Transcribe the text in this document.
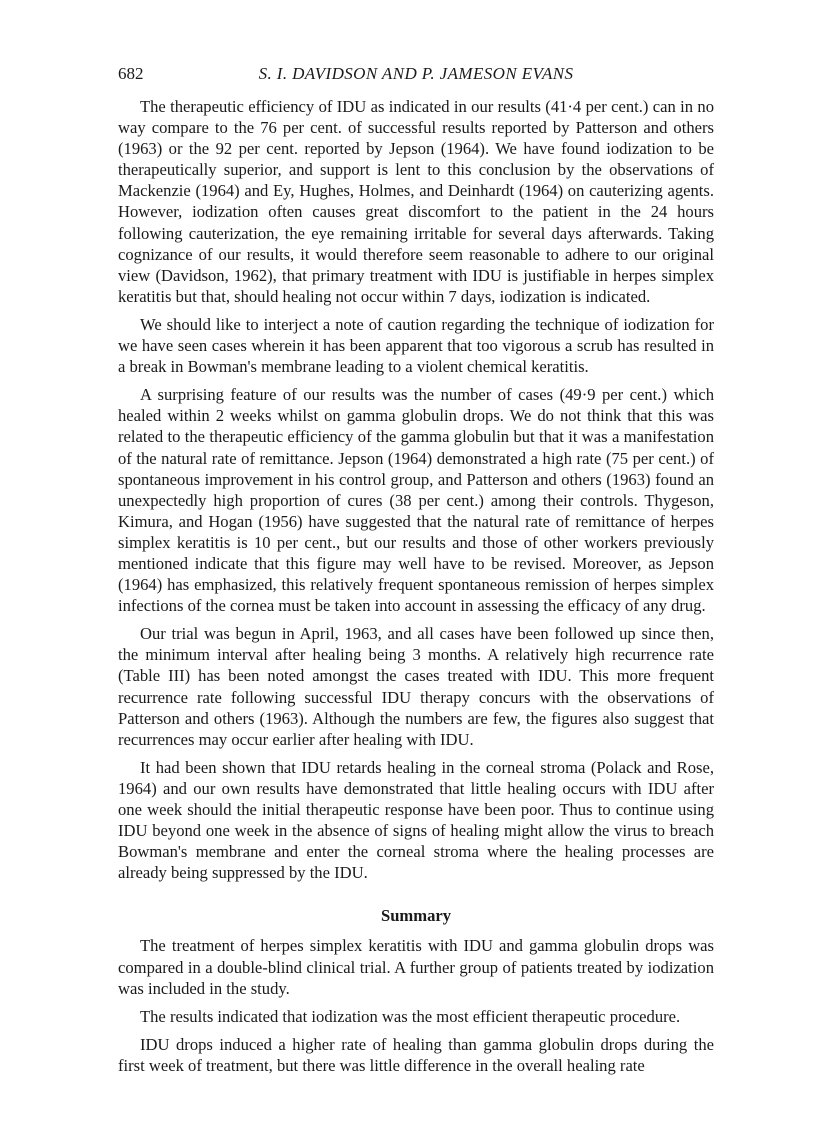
682	S. I. DAVIDSON AND P. JAMESON EVANS

The therapeutic efficiency of IDU as indicated in our results (41·4 per cent.) can in no way compare to the 76 per cent. of successful results reported by Patterson and others (1963) or the 92 per cent. reported by Jepson (1964). We have found iodization to be therapeutically superior, and support is lent to this conclusion by the observations of Mackenzie (1964) and Ey, Hughes, Holmes, and Deinhardt (1964) on cauterizing agents. However, iodization often causes great discomfort to the patient in the 24 hours following cauterization, the eye remaining irritable for several days afterwards. Taking cognizance of our results, it would therefore seem reasonable to adhere to our original view (Davidson, 1962), that primary treatment with IDU is justifiable in herpes simplex keratitis but that, should healing not occur within 7 days, iodization is indicated.

We should like to interject a note of caution regarding the technique of iodization for we have seen cases wherein it has been apparent that too vigorous a scrub has resulted in a break in Bowman's membrane leading to a violent chemical keratitis.

A surprising feature of our results was the number of cases (49·9 per cent.) which healed within 2 weeks whilst on gamma globulin drops. We do not think that this was related to the therapeutic efficiency of the gamma globulin but that it was a manifestation of the natural rate of remittance. Jepson (1964) demonstrated a high rate (75 per cent.) of spontaneous improvement in his control group, and Patterson and others (1963) found an unexpectedly high proportion of cures (38 per cent.) among their controls. Thygeson, Kimura, and Hogan (1956) have suggested that the natural rate of remittance of herpes simplex keratitis is 10 per cent., but our results and those of other workers previously mentioned indicate that this figure may well have to be revised. Moreover, as Jepson (1964) has emphasized, this relatively frequent spontaneous remission of herpes simplex infections of the cornea must be taken into account in assessing the efficacy of any drug.

Our trial was begun in April, 1963, and all cases have been followed up since then, the minimum interval after healing being 3 months. A relatively high recurrence rate (Table III) has been noted amongst the cases treated with IDU. This more frequent recurrence rate following successful IDU therapy concurs with the observations of Patterson and others (1963). Although the numbers are few, the figures also suggest that recurrences may occur earlier after healing with IDU.

It had been shown that IDU retards healing in the corneal stroma (Polack and Rose, 1964) and our own results have demonstrated that little healing occurs with IDU after one week should the initial therapeutic response have been poor. Thus to continue using IDU beyond one week in the absence of signs of healing might allow the virus to breach Bowman's membrane and enter the corneal stroma where the healing processes are already being suppressed by the IDU.

Summary

The treatment of herpes simplex keratitis with IDU and gamma globulin drops was compared in a double-blind clinical trial. A further group of patients treated by iodization was included in the study.

The results indicated that iodization was the most efficient therapeutic procedure.

IDU drops induced a higher rate of healing than gamma globulin drops during the first week of treatment, but there was little difference in the overall healing rate
